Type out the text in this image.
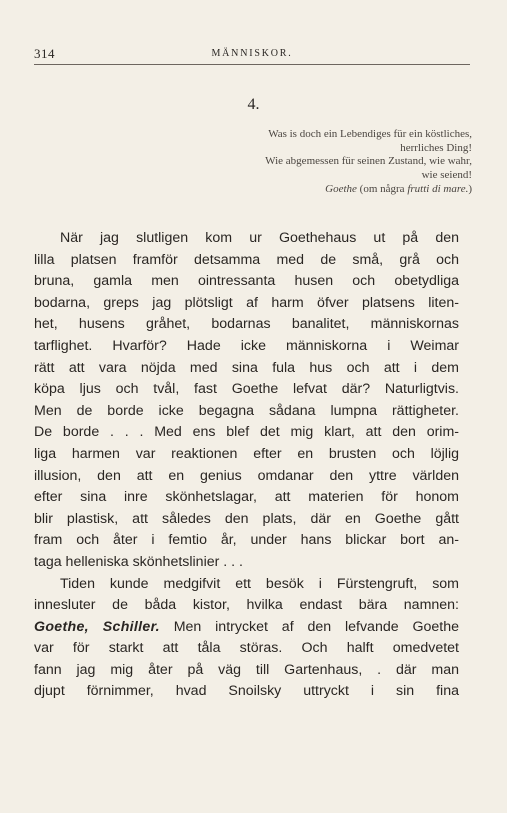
314	MÄNNISKOR.
4.
Was is doch ein Lebendiges für ein köstliches,
herrliches Ding!
Wie abgemessen für seinen Zustand, wie wahr,
wie seiend!
Goethe (om några frutti di mare.)
När jag slutligen kom ur Goethehaus ut på den
lilla platsen framför detsamma med de små, grå och
bruna, gamla men ointressanta husen och obetydliga
bodarna, greps jag plötsligt af harm öfver platsens liten-
het, husens gråhet, bodarnas banalitet, människornas
tarflighet. Hvarför? Hade icke människorna i Weimar
rätt att vara nöjda med sina fula hus och att i dem
köpa ljus och tvål, fast Goethe lefvat där? Naturligtvis.
Men de borde icke begagna sådana lumpna rättigheter.
De borde . . . Med ens blef det mig klart, att den orim-
liga harmen var reaktionen efter en brusten och löjlig
illusion, den att en genius omdanar den yttre världen
efter sina inre skönhetslagar, att materien för honom
blir plastisk, att således den plats, där en Goethe gått
fram och åter i femtio år, under hans blickar bort an-
taga helleniska skönhetslinier . . .
Tiden kunde medgifvit ett besök i Fürstengruft, som
innesluter de båda kistor, hvilka endast bära namnen:
Goethe, Schiller. Men intrycket af den lefvande Goethe
var för starkt att tåla störas. Och halft omedvetet
fann jag mig åter på väg till Gartenhaus, . där man
djupt förnimmer, hvad Snoilsky uttryckt i sin fina
